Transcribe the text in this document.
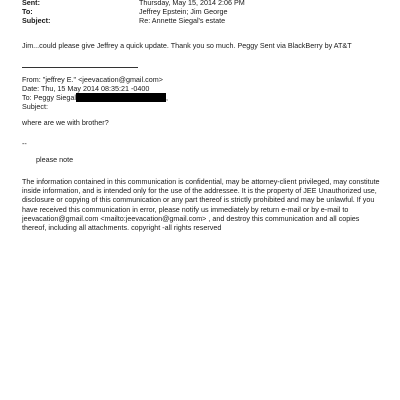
Sent:	Thursday, May 15, 2014 2:06 PM
To:	Jeffrey Epstein; Jim George
Subject:	Re: Annette Siegal's estate
Jim...could please give Jeffrey a quick update. Thank you so much. Peggy Sent via BlackBerry by AT&T
From: "jeffrey E." <jeevacation@gmail.com>
Date: Thu, 15 May 2014 08:35:21 -0400
To: Peggy Siegal	,
Subject:
where are we with brother?
--
please note
The information contained in this communication is confidential, may be attorney-client privileged, may constitute inside information, and is intended only for the use of the addressee. It is the property of JEE Unauthorized use, disclosure or copying of this communication or any part thereof is strictly prohibited and may be unlawful. If you have received this communication in error, please notify us immediately by return e-mail or by e-mail to jeevacation@gmail.com <mailto:jeevacation@gmail.com> , and destroy this communication and all copies thereof, including all attachments. copyright -all rights reserved
